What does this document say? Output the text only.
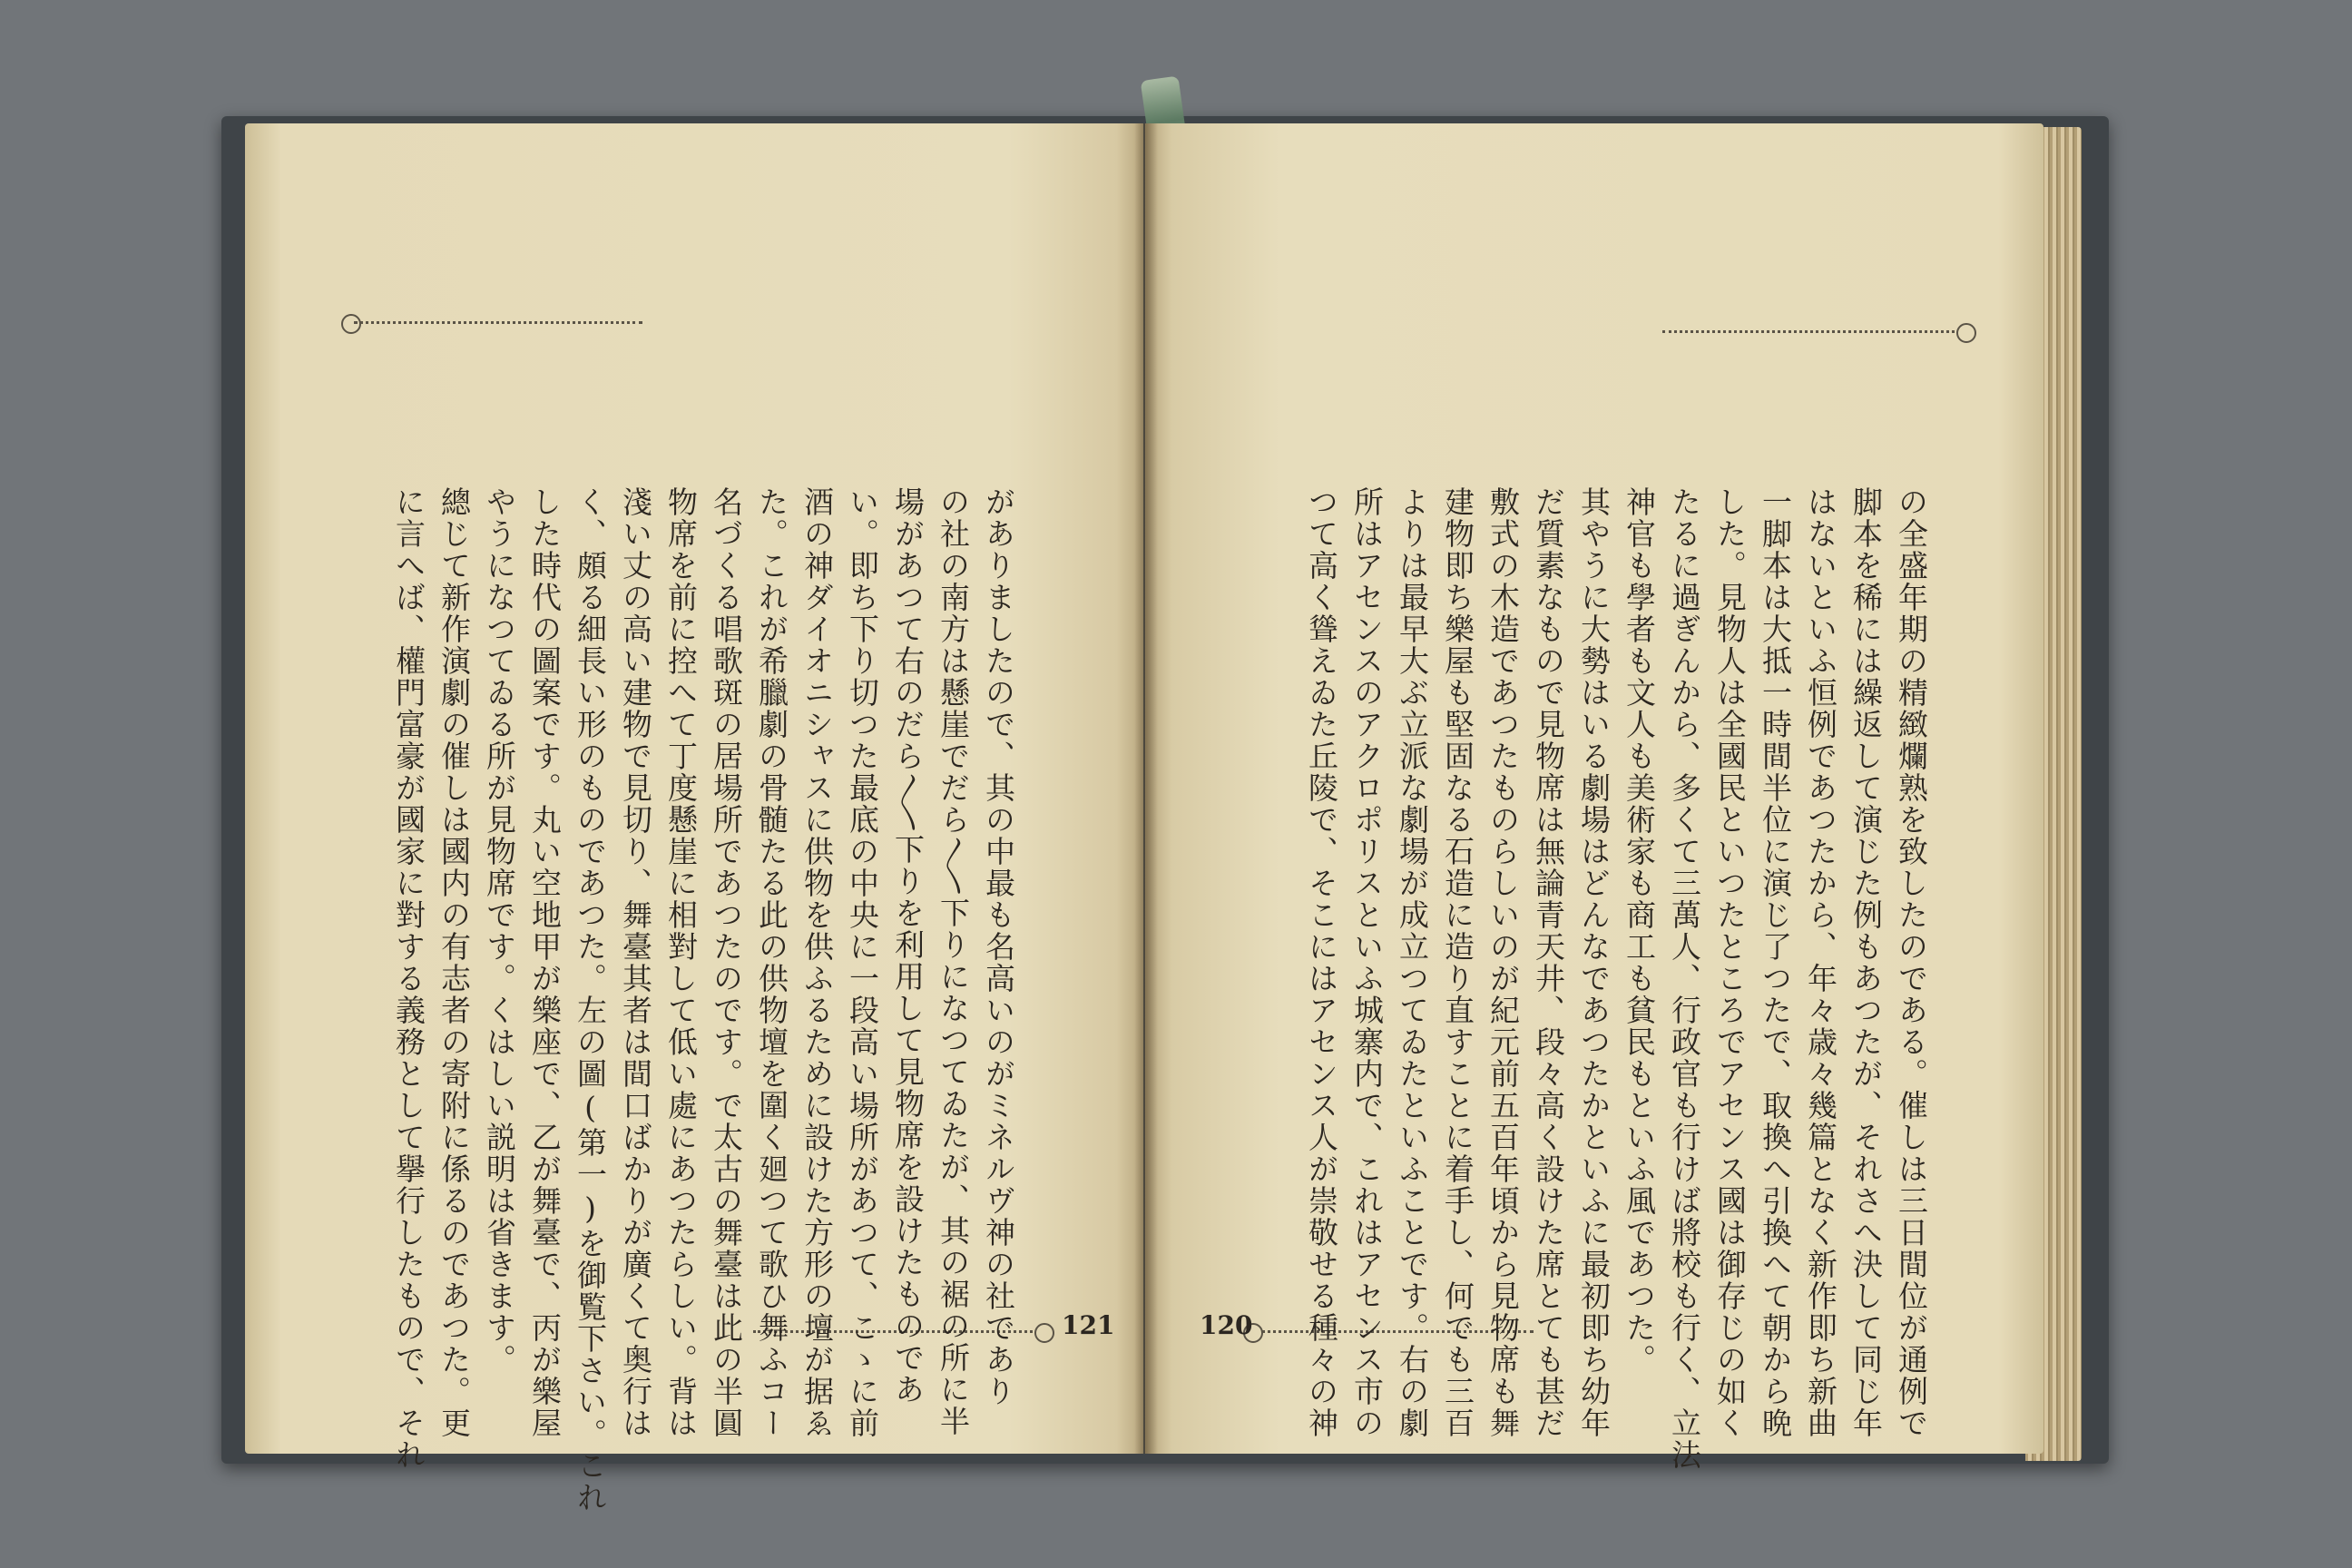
121
がありましたので、其の中最も名高いのがミネルヴ神の社であり
の社の南方は懸崖でだら〳〵下りになつてゐたが、其の裾の所に半
場があつて右のだら〳〵下りを利用して見物席を設けたものであ
い。即ち下り切つた最底の中央に一段高い場所があつて、こゝに前
酒の神ダイオニシャスに供物を供ふるために設けた方形の壇が据ゑ
た。これが希臘劇の骨髄たる此の供物壇を圍く廻つて歌ひ舞ふコー
名づくる唱歌斑の居場所であつたのです。で太古の舞臺は此の半圓
物席を前に控へて丁度懸崖に相對して低い處にあつたらしい。背は
淺い丈の高い建物で見切り、舞臺其者は間口ばかりが廣くて奥行は
く、頗る細長い形のものであつた。左の圖(第一)を御覧下さい。これ
した時代の圖案です。丸い空地甲が樂座で、乙が舞臺で、丙が樂屋
やうになつてゐる所が見物席です。くはしい説明は省きます。
總じて新作演劇の催しは國内の有志者の寄附に係るのであつた。更
に言へば、權門富豪が國家に對する義務として擧行したもので、それ	120	の全盛年期の精緻爛熟を致したのである。催しは三日間位が通例で
脚本を稀には繰返して演じた例もあつたが、それさへ決して同じ年
はないといふ恒例であつたから、年々歳々幾篇となく新作即ち新曲
一脚本は大抵一時間半位に演じ了つたで、取換へ引換へて朝から晩
した。見物人は全國民といつたところでアセンス國は御存じの如く
たるに過ぎんから、多くて三萬人、行政官も行けば將校も行く、立法
神官も學者も文人も美術家も商工も貧民もといふ風であつた。
其やうに大勢はいる劇場はどんなであつたかといふに最初即ち幼年
だ質素なもので見物席は無論青天井、段々高く設けた席とても甚だ
敷式の木造であつたものらしいのが紀元前五百年頃から見物席も舞
建物即ち樂屋も堅固なる石造に造り直すことに着手し、何でも三百
よりは最早大ぶ立派な劇場が成立つてゐたといふことです。右の劇
所はアセンスのアクロポリスといふ城寨内で、これはアセンス市の
つて高く聳えゐた丘陵で、そこにはアセンス人が崇敬せる種々の神
